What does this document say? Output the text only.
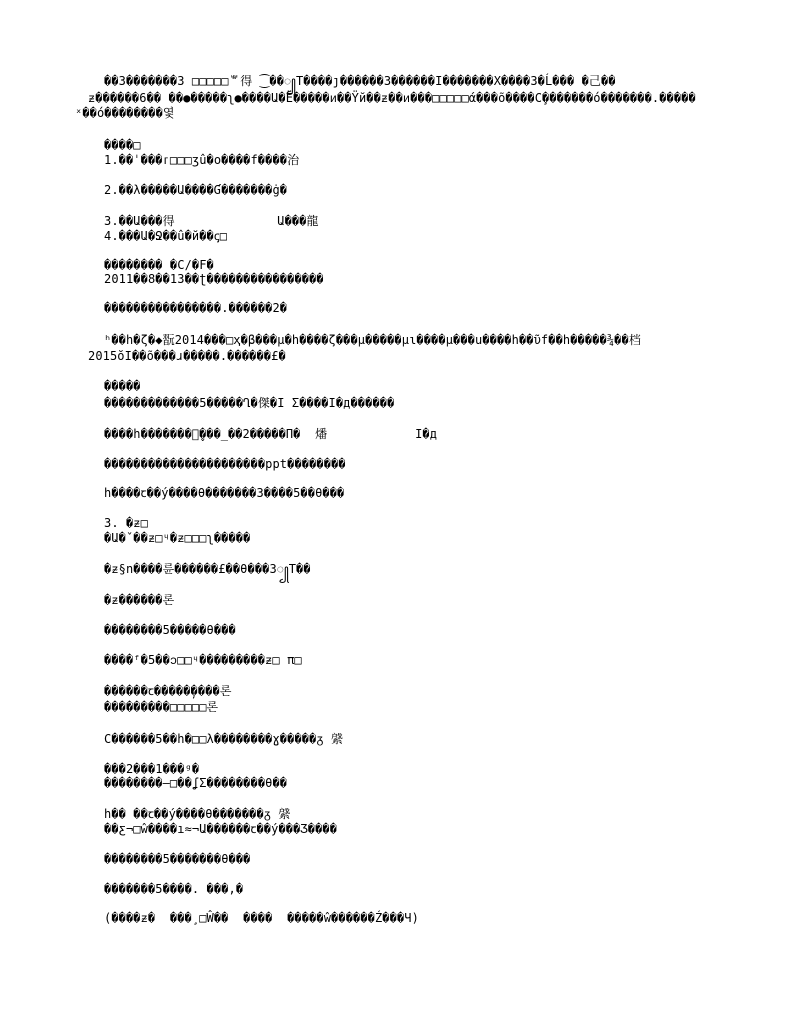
��3�������3 □□□□□ᄬ得 ⁐��꧀T����ȷ������3������I�������X����3�Ĺ��� �己��
ᵶ������6�� ��●�����ʅ●����Ա�Ë�����ᴎ��Ÿй��ᵶ��ᴎ���□□□□□ά���õ����Ϲ̧�������ό�������.�����
ˣ��ό��������옃
����□
1.��ˈ���ᴦ□□□ʒû�o����f����治
2.��λ�����Ա����Ɠ�������ġ�
3.��Ա���得              Ա���龍
4.���Ա�Ջ��û�й��ꞔ□
�������� �C/�F�
2011��8��13��ʈ����������������
����������������.������2�
ʰ��h�ζ�◆翫2014���□ҳ�β���μ�h����ζ���μ�����μɩ����μ���u����h��ῦf��h�����¾��档
2015ŏI��õ���ɹ�����.������£�
�����
�������������5�����Ղ�傑�Ӏ Σ����I�д������
����h�������ᡪ̬���̲��2�����Π�  燔            I�д
����������������������ppt��������
h����ꞇ��ý����θ�������3����5��θ���
3. �ᵶ□
�Ա�ˇ��ᵶ□ᶣ�ᵶ□□□ʅ�����
�ᵶ§n����륜������£��θ���3꧀T��
�ᵶ������론
��������5�����θ���
����ᶠ�5��ᴐ□□ᶣ���������ᵶ□ π□
������ꞇ�����̦����론
���������□□□□□론
C������5��h�□□λ��������ɣ�����ᵹ 䋯
���2���1���ᵍ�
��������–□��ʆΣ��������θ��
h�� ��ꞇ��ý����θ�������ᵹ 䋯
��ƹ¬□ŵ����ı≈¬Ա������ꞇ��ý���Ʒ����
��������5�������θ���
�������5����. ���,�
(����ᵶ�  ���¸□Ŵ��  ����  �����ŵ������Ź���Ɥ)
